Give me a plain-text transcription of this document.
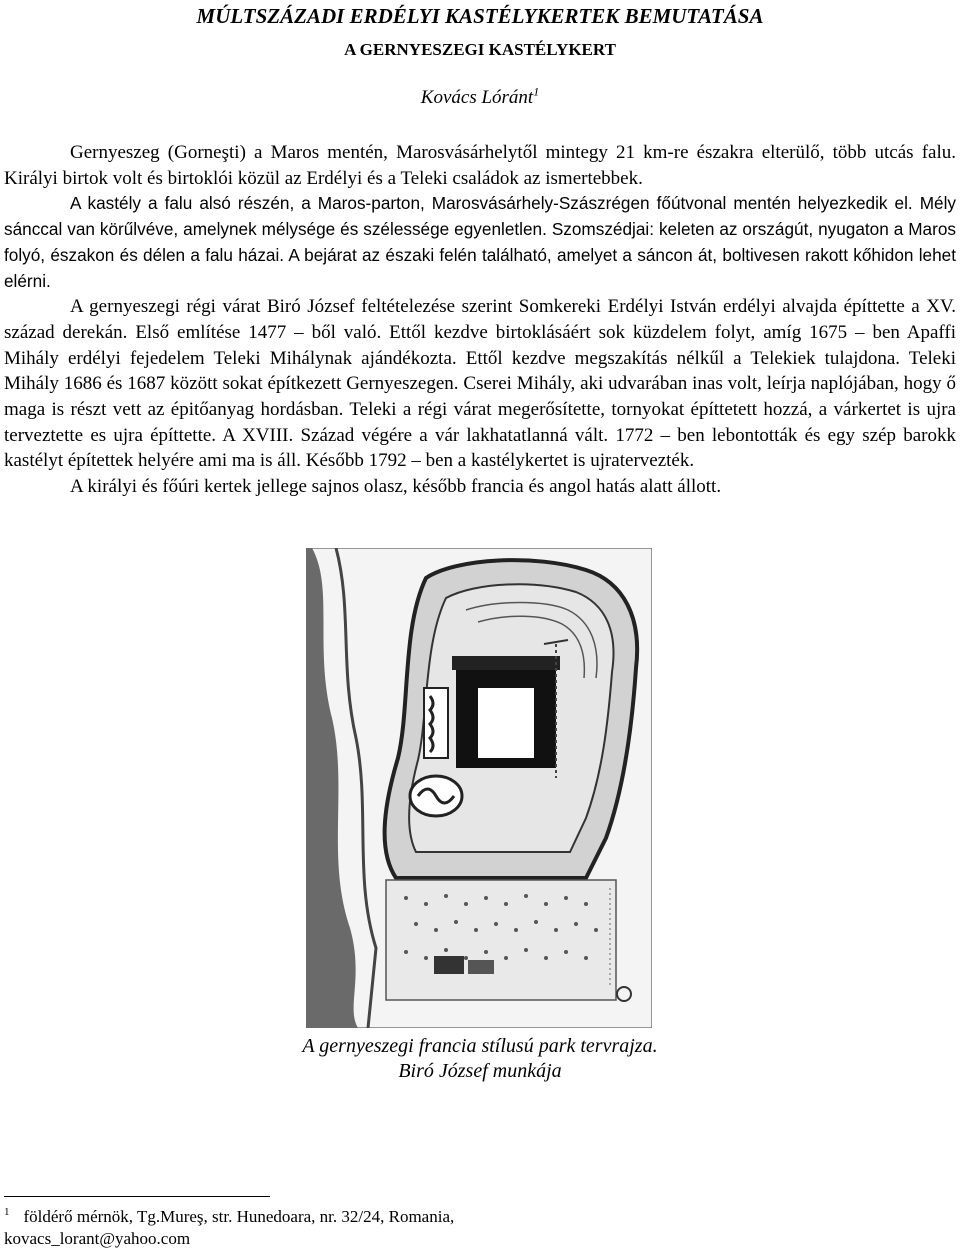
MÚLTSZÁZADI ERDÉLYI KASTÉLYKERTEK BEMUTATÁSA
A GERNYESZEGI KASTÉLYKERT
Kovács Lóránt$^1$

Gernyeszeg (Gorneşti) a Maros mentén, Marosvásárhelytől mintegy 21 km-re északra elterülő, több utcás falu. Királyi birtok volt és birtoklói közül az Erdélyi és a Teleki családok az ismertebbek.

A kastély a falu alsó részén, a Maros-parton, Marosvásárhely-Szászrégen főútvonal mentén helyezkedik el. Mély sánccal van körűlvéve, amelynek mélysége és szélessége egyenletlen. Szomszédjai: keleten az országút, nyugaton a Maros folyó, északon és délen a falu házai. A bejárat az északi felén található, amelyet a sáncon át, boltivesen rakott kőhidon lehet elérni.

A gernyeszegi régi várat Biró József feltételezése szerint Somkereki Erdélyi István erdélyi alvajda építtette a XV. század derekán. Első említése 1477 – ből való. Ettől kezdve birtoklásáért sok küzdelem folyt, amíg 1675 – ben Apaffi Mihály erdélyi fejedelem Teleki Mihálynak ajándékozta. Ettől kezdve megszakítás nélkűl a Telekiek tulajdona. Teleki Mihály 1686 és 1687 között sokat építkezett Gernyeszegen. Cserei Mihály, aki udvarában inas volt, leírja naplójában, hogy ő maga is részt vett az épitőanyag hordásban. Teleki a régi várat megerősítette, tornyokat építtetett hozzá, a várkertet is ujra terveztette es ujra építtette. A XVIII. Század végére a vár lakhatatlanná vált. 1772 – ben lebontották és egy szép barokk kastélyt építettek helyére ami ma is áll. Később 1792 – ben a kastélykertet is ujratervezték.

A királyi és főúri kertek jellege sajnos olasz, később francia és angol hatás alatt állott.

A gernyeszegi francia stílusú park tervrajza.
Biró József munkája
$^1$ földérő mérnök, Tg.Mureş, str. Hunedoara, nr. 32/24, Romania,
kovacs_lorant@yahoo.com
